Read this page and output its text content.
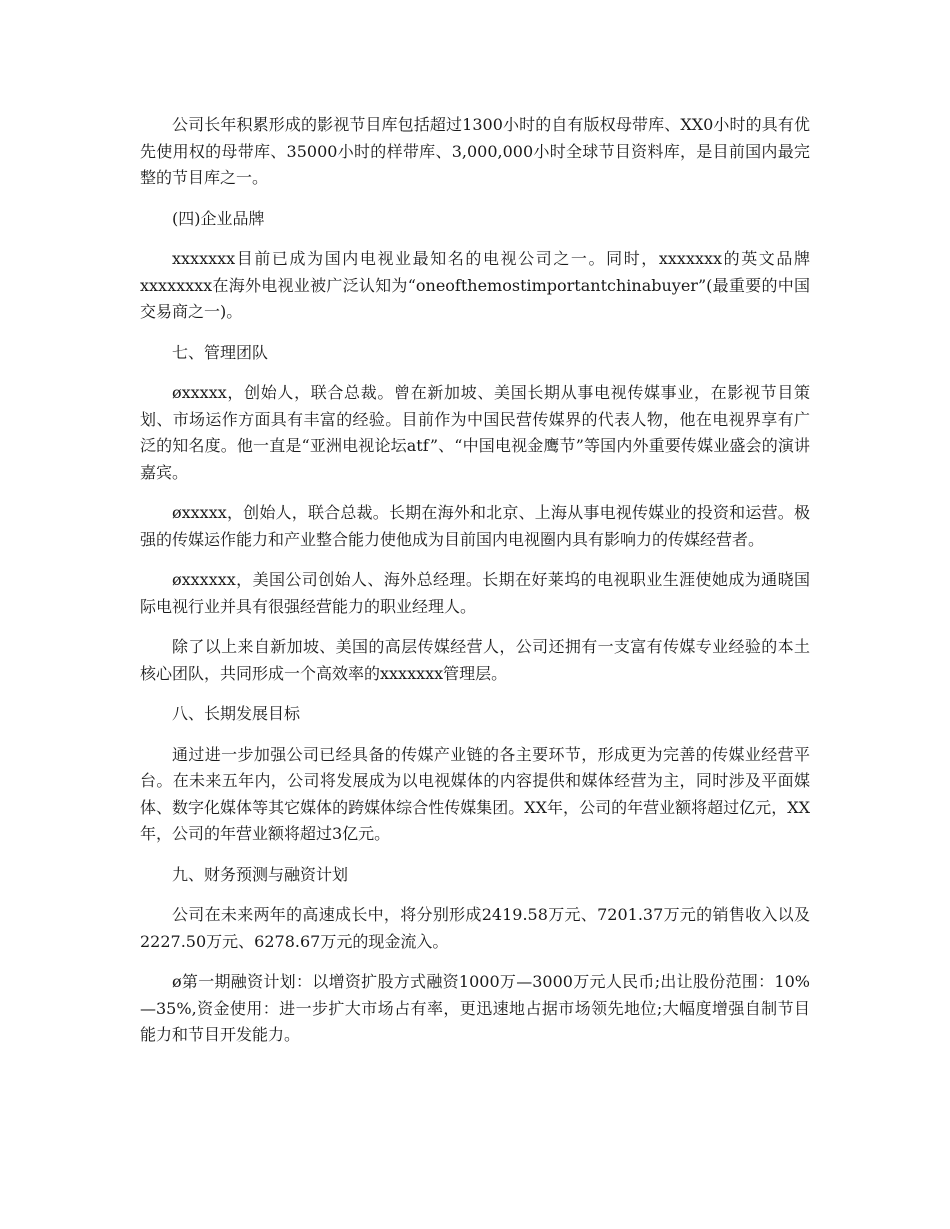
公司长年积累形成的影视节目库包括超过1300小时的自有版权母带库、XX0小时的具有优先使用权的母带库、35000小时的样带库、3,000,000小时全球节目资料库，是目前国内最完整的节目库之一。

(四)企业品牌

xxxxxxx目前已成为国内电视业最知名的电视公司之一。同时，xxxxxxx的英文品牌xxxxxxxx在海外电视业被广泛认知为“oneofthemostimportantchinabuyer”(最重要的中国交易商之一)。

七、管理团队

øxxxxx，创始人，联合总裁。曾在新加坡、美国长期从事电视传媒事业，在影视节目策划、市场运作方面具有丰富的经验。目前作为中国民营传媒界的代表人物，他在电视界享有广泛的知名度。他一直是“亚洲电视论坛atf”、“中国电视金鹰节”等国内外重要传媒业盛会的演讲嘉宾。

øxxxxx，创始人，联合总裁。长期在海外和北京、上海从事电视传媒业的投资和运营。极强的传媒运作能力和产业整合能力使他成为目前国内电视圈内具有影响力的传媒经营者。

øxxxxxx，美国公司创始人、海外总经理。长期在好莱坞的电视职业生涯使她成为通晓国际电视行业并具有很强经营能力的职业经理人。

除了以上来自新加坡、美国的高层传媒经营人，公司还拥有一支富有传媒专业经验的本土核心团队，共同形成一个高效率的xxxxxxx管理层。

八、长期发展目标

通过进一步加强公司已经具备的传媒产业链的各主要环节，形成更为完善的传媒业经营平台。在未来五年内，公司将发展成为以电视媒体的内容提供和媒体经营为主，同时涉及平面媒体、数字化媒体等其它媒体的跨媒体综合性传媒集团。XX年，公司的年营业额将超过亿元，XX年，公司的年营业额将超过3亿元。

九、财务预测与融资计划

公司在未来两年的高速成长中，将分别形成2419.58万元、7201.37万元的销售收入以及2227.50万元、6278.67万元的现金流入。

ø第一期融资计划：以增资扩股方式融资1000万—3000万元人民币;出让股份范围：10%—35%,资金使用：进一步扩大市场占有率，更迅速地占据市场领先地位;大幅度增强自制节目能力和节目开发能力。
